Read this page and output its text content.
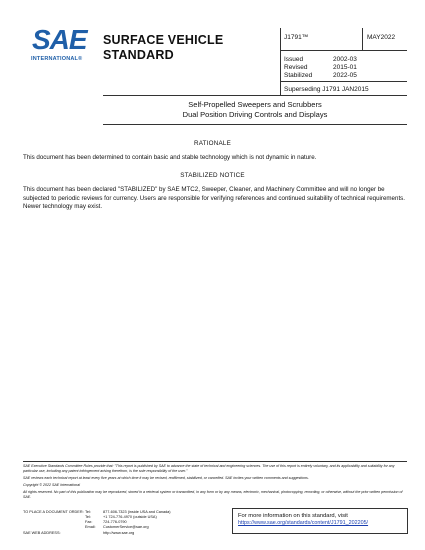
SAE
INTERNATIONAL®
SURFACE VEHICLE
STANDARD
J1791™	MAY2022
Issued	2002-03
Revised	2015-01
Stabilized	2022-05
Superseding J1791 JAN2015
Self-Propelled Sweepers and Scrubbers
Dual Position Driving Controls and Displays
RATIONALE
This document has been determined to contain basic and stable technology which is not dynamic in nature.
STABILIZED NOTICE
This document has been declared "STABILIZED" by SAE MTC2, Sweeper, Cleaner, and Machinery Committee and will no longer be subjected to periodic reviews for currency. Users are responsible for verifying references and continued suitability of technical requirements. Newer technology may exist.
SAE Executive Standards Committee Rules provide that: "This report is published by SAE to advance the state of technical and engineering sciences. The use of this report is entirely voluntary, and its applicability and suitability for any particular use, including any patent infringement arising therefrom, is the sole responsibility of the user."
SAE reviews each technical report at least every five years at which time it may be revised, reaffirmed, stabilized, or cancelled. SAE invites your written comments and suggestions.
Copyright © 2022 SAE International
All rights reserved. No part of this publication may be reproduced, stored in a retrieval system or transmitted, in any form or by any means, electronic, mechanical, photocopying, recording, or otherwise, without the prior written permission of SAE.
TO PLACE A DOCUMENT ORDER: Tel:	877-606-7323 (inside USA and Canada)
Tel:	+1 724-776-4970 (outside USA)
Fax:	724-776-0790
Email: CustomerService@sae.org
SAE WEB ADDRESS:	http://www.sae.org
For more information on this standard, visit
https://www.sae.org/standards/content/J1791_202205/
